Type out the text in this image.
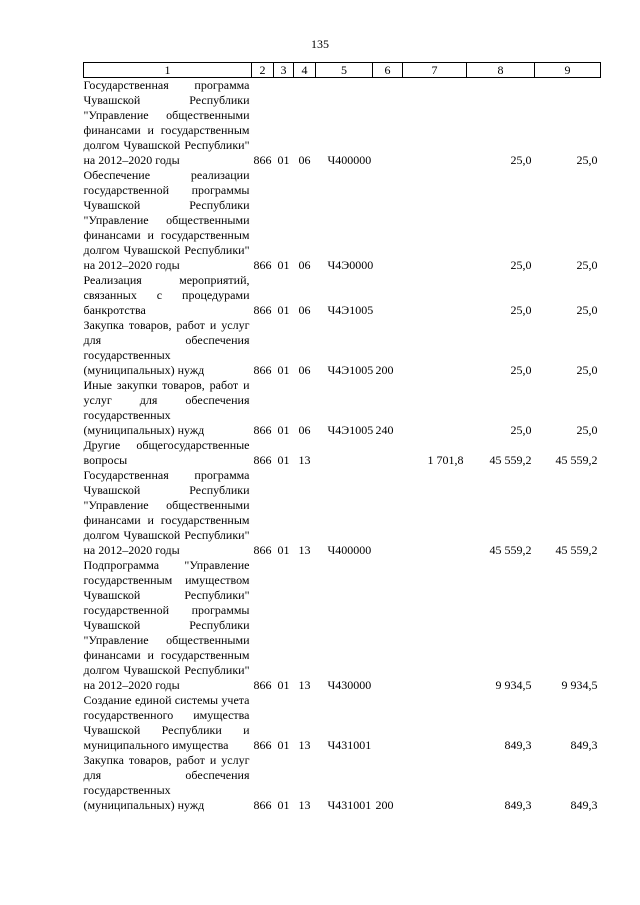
135
1	2	3	4	5	6	7	8	9
Государственная программа Чувашской Республики "Управление общественными финансами и государственным долгом Чувашской Республики" на 2012–2020 годы	866	01	06	Ч400000			25,0	25,0
Обеспечение реализации государственной программы Чувашской Республики "Управление общественными финансами и государственным долгом Чувашской Республики" на 2012–2020 годы	866	01	06	Ч4Э0000			25,0	25,0
Реализация мероприятий, связанных с процедурами банкротства	866	01	06	Ч4Э1005			25,0	25,0
Закупка товаров, работ и услуг для обеспечения государственных (муниципальных) нужд	866	01	06	Ч4Э1005	200		25,0	25,0
Иные закупки товаров, работ и услуг для обеспечения государственных (муниципальных) нужд	866	01	06	Ч4Э1005	240		25,0	25,0
Другие общегосударственные вопросы	866	01	13			1 701,8	45 559,2	45 559,2
Государственная программа Чувашской Республики "Управление общественными финансами и государственным долгом Чувашской Республики" на 2012–2020 годы	866	01	13	Ч400000			45 559,2	45 559,2
Подпрограмма "Управление государственным имуществом Чувашской Республики" государственной программы Чувашской Республики "Управление общественными финансами и государственным долгом Чувашской Республики" на 2012–2020 годы	866	01	13	Ч430000			9 934,5	9 934,5
Создание единой системы учета государственного имущества Чувашской Республики и муниципального имущества	866	01	13	Ч431001			849,3	849,3
Закупка товаров, работ и услуг для обеспечения государственных (муниципальных) нужд	866	01	13	Ч431001	200		849,3	849,3
